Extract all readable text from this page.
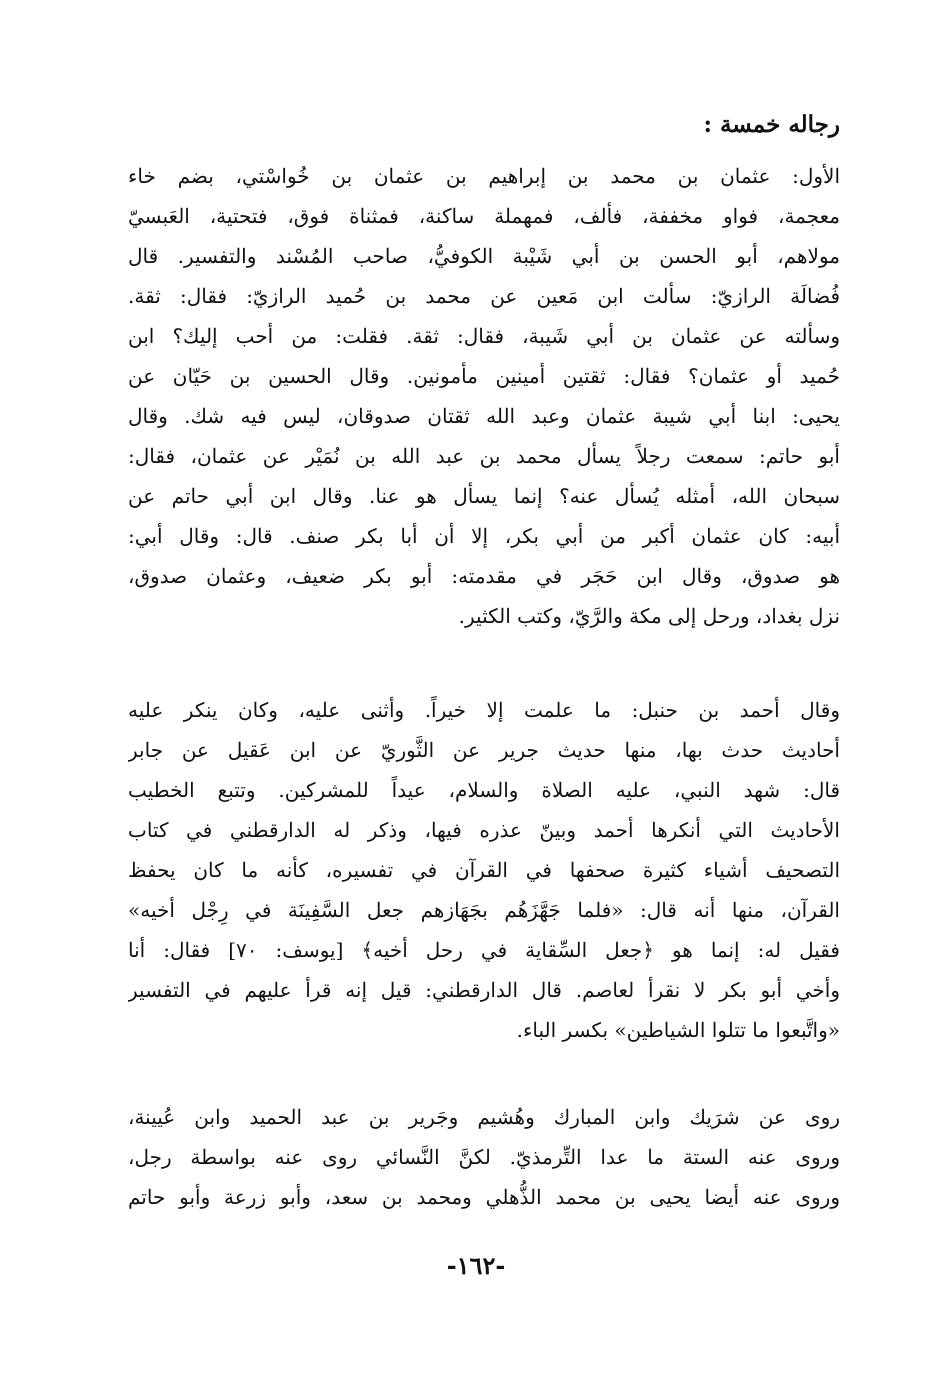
رجاله خمسة :
الأول: عثمان بن محمد بن إبراهيم بن عثمان بن خُواسْتي، بضم خاء
معجمة، فواو مخففة، فألف، فمهملة ساكنة، فمثناة فوق، فتحتية، العَبسيّ
مولاهم، أبو الحسن بن أبي شَيْبة الكوفيُّ، صاحب المُسْند والتفسير. قال
فُضالَة الرازيّ: سألت ابن مَعين عن محمد بن حُميد الرازيّ: فقال: ثقة.
وسألته عن عثمان بن أبي شَيبة، فقال: ثقة. فقلت: من أحب إليك؟ ابن
حُميد أو عثمان؟ فقال: ثقتين أمينين مأمونين. وقال الحسين بن حَيّان عن
يحيى: ابنا أبي شيبة عثمان وعبد الله ثقتان صدوقان، ليس فيه شك. وقال
أبو حاتم: سمعت رجلاً يسأل محمد بن عبد الله بن نُمَيْر عن عثمان، فقال:
سبحان الله، أمثله يُسأل عنه؟ إنما يسأل هو عنا. وقال ابن أبي حاتم عن
أبيه: كان عثمان أكبر من أبي بكر، إلا أن أبا بكر صنف. قال: وقال أبي:
هو صدوق، وقال ابن حَجَر في مقدمته: أبو بكر ضعيف، وعثمان صدوق،
نزل بغداد، ورحل إلى مكة والرَّيّ، وكتب الكثير.
وقال أحمد بن حنبل: ما علمت إلا خيراً. وأثنى عليه، وكان ينكر عليه
أحاديث حدث بها، منها حديث جرير عن الثَّوريّ عن ابن عَقيل عن جابر
قال: شهد النبي، عليه الصلاة والسلام، عيداً للمشركين. وتتبع الخطيب
الأحاديث التي أنكرها أحمد وبينّ عذره فيها، وذكر له الدارقطني في كتاب
التصحيف أشياء كثيرة صحفها في القرآن في تفسيره، كأنه ما كان يحفظ
القرآن، منها أنه قال: «فلما جَهَّزَهُم بجَهَازهم جعل السَّفِينَة في رِجْل أخيه»
فقيل له: إنما هو ﴿جعل السِّقاية في رحل أخيه﴾ [يوسف: ٧٠] فقال: أنا
وأخي أبو بكر لا نقرأ لعاصم. قال الدارقطني: قيل إنه قرأ عليهم في التفسير
«واتَّبعوا ما تتلوا الشياطين» بكسر الباء.
روى عن شرَيك وابن المبارك وهُشيم وجَرير بن عبد الحميد وابن عُيينة،
وروى عنه الستة ما عدا التِّرمذيّ. لكنَّ النَّسائي روى عنه بواسطة رجل،
وروى عنه أيضا يحيى بن محمد الذُّهلي ومحمد بن سعد، وأبو زرعة وأبو حاتم
-١٦٢-
